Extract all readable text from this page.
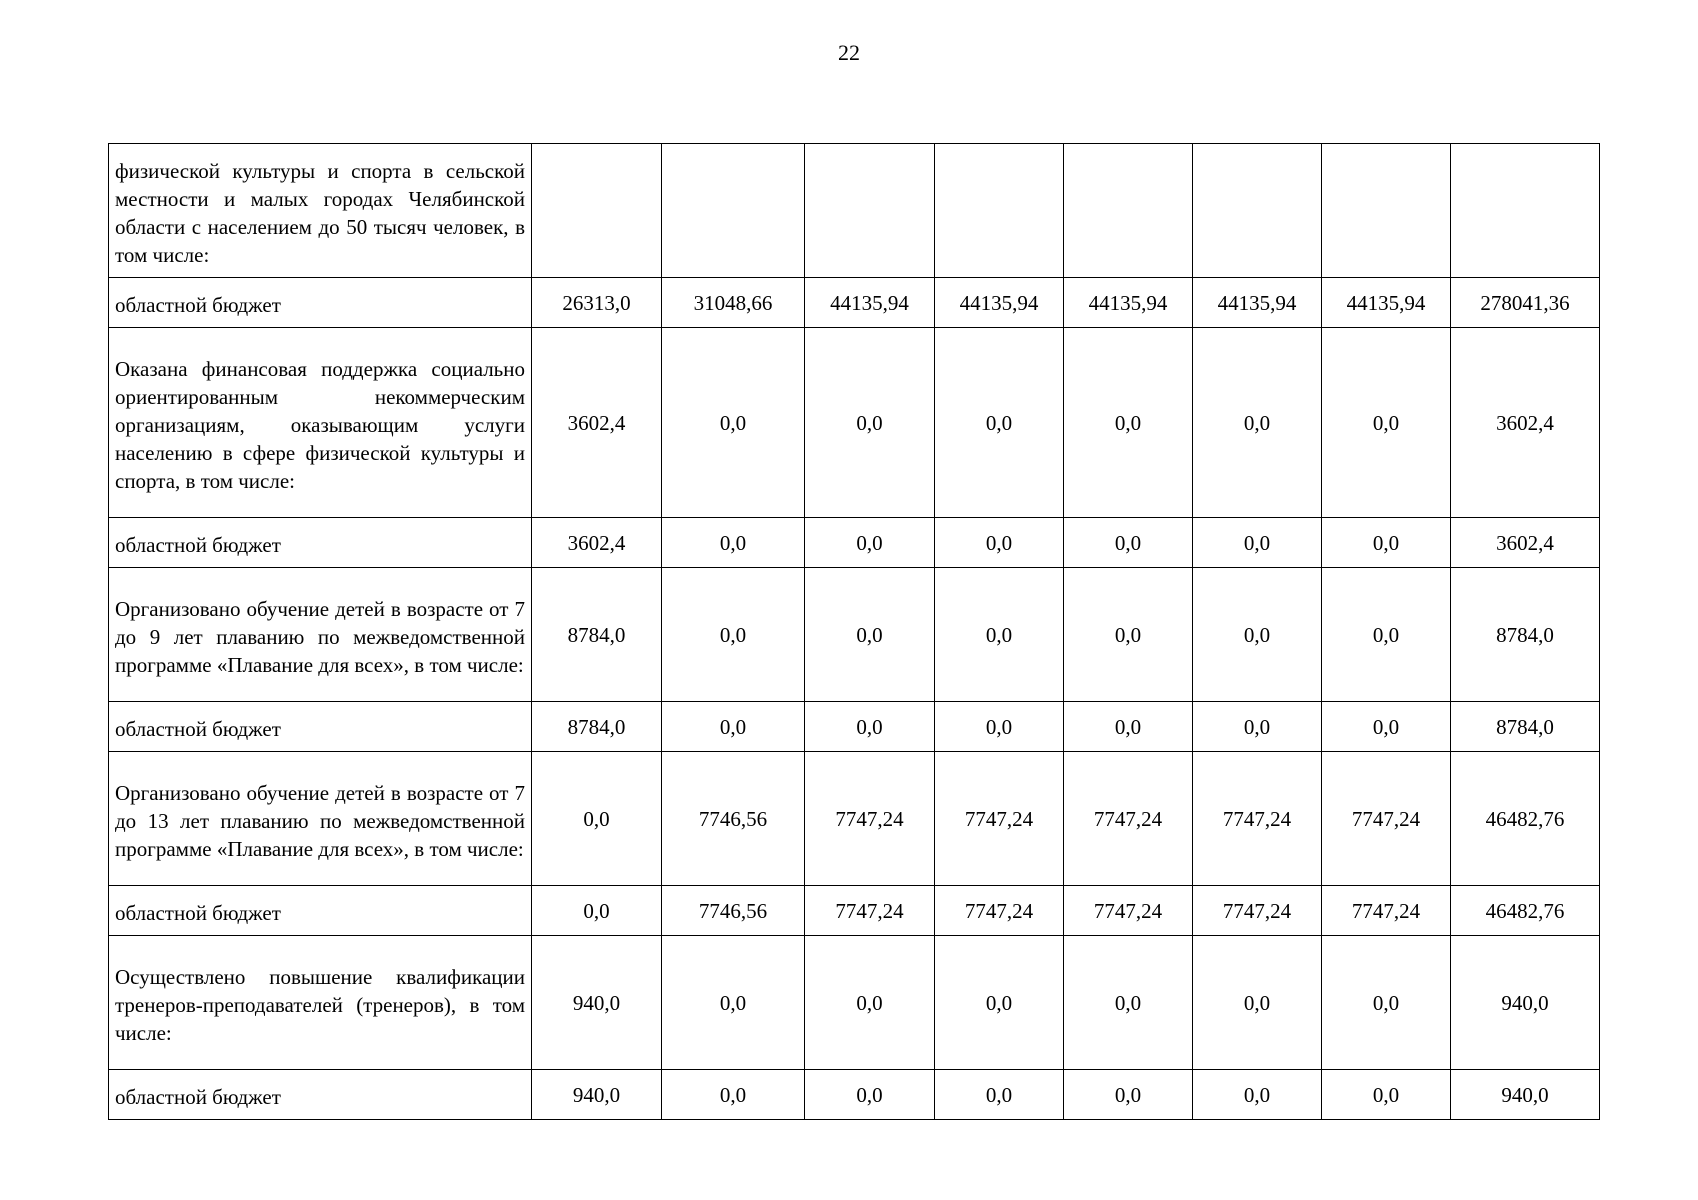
22
физической культуры и спорта в сельской местности и малых городах Челябинской области с населением до 50 тысяч человек, в том числе:								
областной бюджет	26313,0	31048,66	44135,94	44135,94	44135,94	44135,94	44135,94	278041,36
Оказана финансовая поддержка социально ориентированным некоммерческим организациям, оказывающим услуги населению в сфере физической культуры и спорта, в том числе:	3602,4	0,0	0,0	0,0	0,0	0,0	0,0	3602,4
областной бюджет	3602,4	0,0	0,0	0,0	0,0	0,0	0,0	3602,4
Организовано обучение детей в возрасте от 7 до 9 лет плаванию по межведомственной программе «Плавание для всех», в том числе:	8784,0	0,0	0,0	0,0	0,0	0,0	0,0	8784,0
областной бюджет	8784,0	0,0	0,0	0,0	0,0	0,0	0,0	8784,0
Организовано обучение детей в возрасте от 7 до 13 лет плаванию по межведомственной программе «Плавание для всех», в том числе:	0,0	7746,56	7747,24	7747,24	7747,24	7747,24	7747,24	46482,76
областной бюджет	0,0	7746,56	7747,24	7747,24	7747,24	7747,24	7747,24	46482,76
Осуществлено повышение квалификации тренеров-преподавателей (тренеров), в том числе:	940,0	0,0	0,0	0,0	0,0	0,0	0,0	940,0
областной бюджет	940,0	0,0	0,0	0,0	0,0	0,0	0,0	940,0
